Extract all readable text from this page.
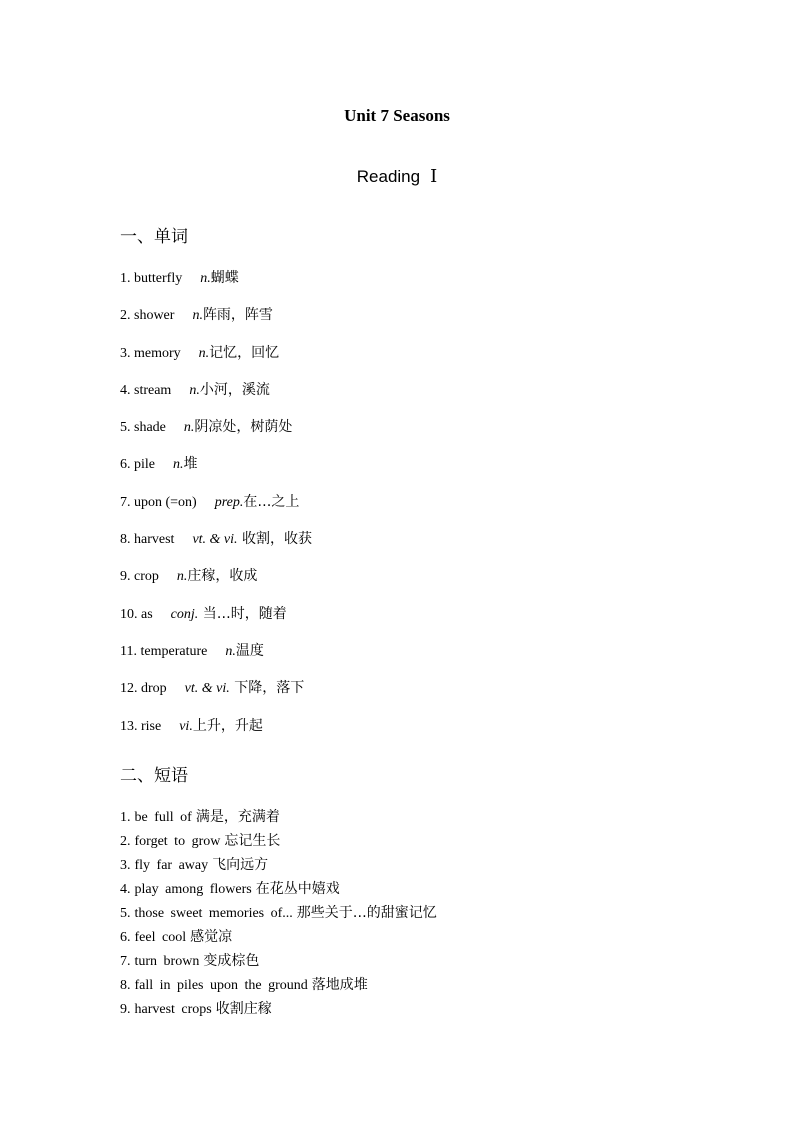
Unit 7 Seasons
Reading Ⅰ
一、单词
1. butterfly n.蝴蝶
2. shower n.阵雨，阵雪
3. memory n.记忆，回忆
4. stream n.小河，溪流
5. shade n.阴凉处，树荫处
6. pile n.堆
7. upon (=on) prep.在…之上
8. harvest vt. & vi. 收割，收获
9. crop n.庄稼，收成
10. as conj. 当…时，随着
11. temperature n.温度
12. drop vt. & vi. 下降，落下
13. rise vi.上升，升起
二、短语
1. be full of 满是，充满着
2. forget to grow 忘记生长
3. fly far away 飞向远方
4. play among flowers 在花丛中嬉戏
5. those sweet memories of... 那些关于…的甜蜜记忆
6. feel cool 感觉凉
7. turn brown 变成棕色
8. fall in piles upon the ground 落地成堆
9. harvest crops 收割庄稼
